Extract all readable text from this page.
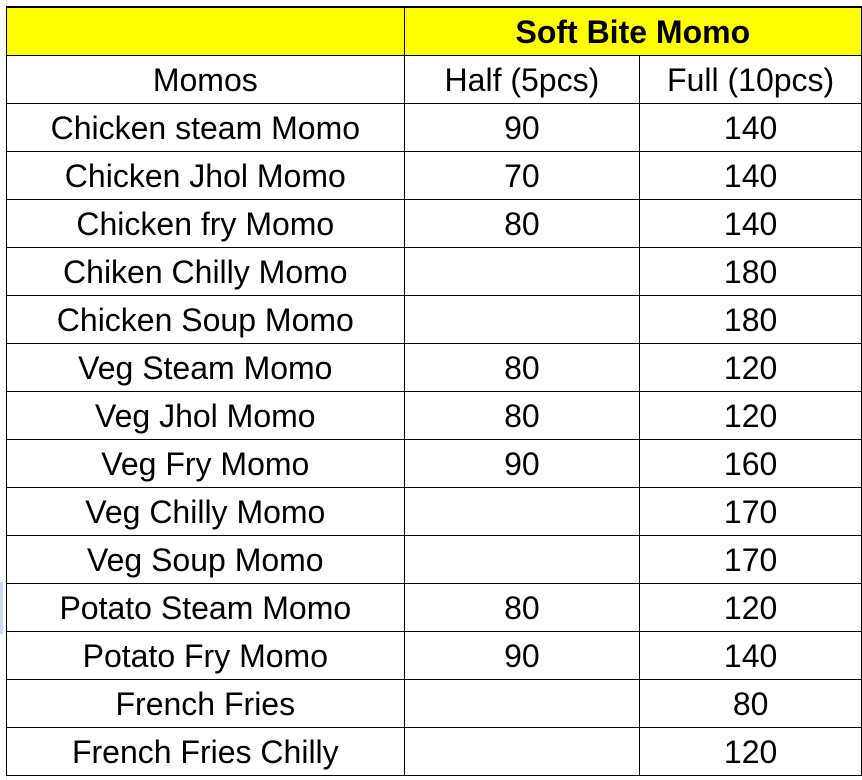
	Soft Bite Momo	
Momos	Half (5pcs)	Full (10pcs)
Chicken steam Momo	90	140
Chicken Jhol Momo	70	140
Chicken fry Momo	80	140
Chiken Chilly Momo		180
Chicken Soup Momo		180
Veg Steam Momo	80	120
Veg Jhol Momo	80	120
Veg Fry Momo	90	160
Veg Chilly Momo		170
Veg Soup Momo		170
Potato Steam Momo	80	120
Potato Fry Momo	90	140
French Fries		80
French Fries Chilly		120
